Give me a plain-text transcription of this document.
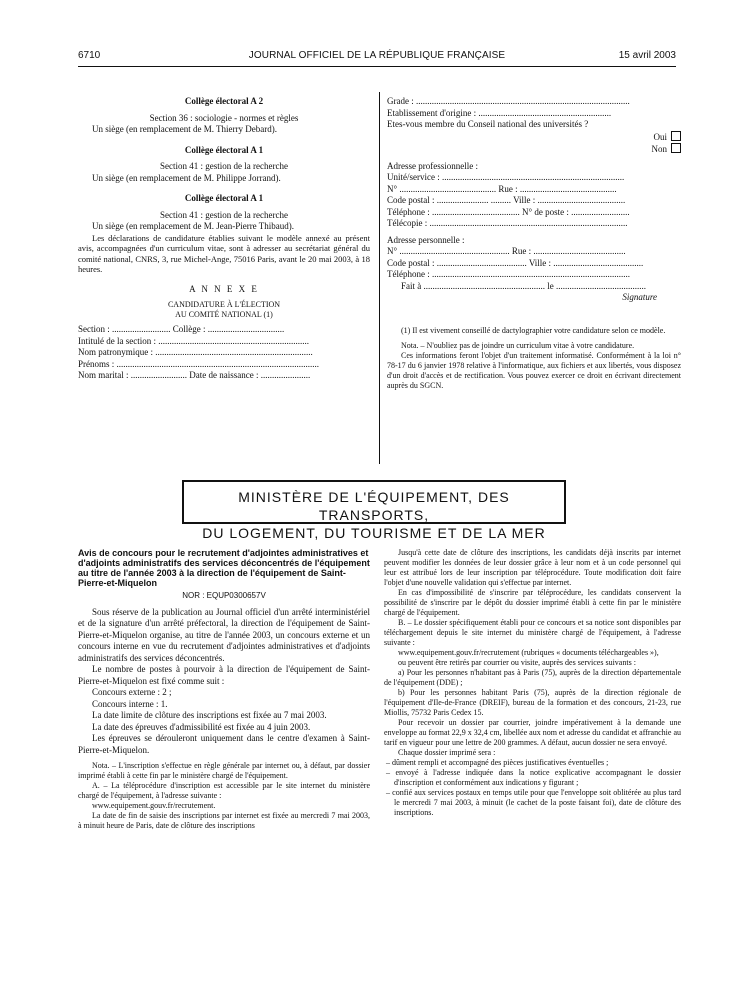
6710	JOURNAL OFFICIEL DE LA RÉPUBLIQUE FRANÇAISE	15 avril 2003
Collège électoral A 2
Section 36 : sociologie - normes et règles
Un siège (en remplacement de M. Thierry Debard).
Collège électoral A 1
Section 41 : gestion de la recherche
Un siège (en remplacement de M. Philippe Jorrand).
Collège électoral A 1
Section 41 : gestion de la recherche
Un siège (en remplacement de M. Jean-Pierre Thibaud).
Les déclarations de candidature établies suivant le modèle annexé au présent avis, accompagnées d'un curriculum vitae, sont à adresser au secrétariat général du comité national, CNRS, 3, rue Michel-Ange, 75016 Paris, avant le 20 mai 2003, à 18 heures.
A N N E X E
CANDIDATURE À L'ÉLECTION
AU COMITÉ NATIONAL (1)
Section : .......................... Collège : ..................................
Intitulé de la section : ...................................................................
Nom patronymique : ......................................................................
Prénoms : ..........................................................................................
Nom marital : ......................... Date de naissance : ......................
Grade : ...............................................................................................
Etablissement d'origine : ...........................................................
Etes-vous membre du Conseil national des universités ?
Oui
Non
Adresse professionnelle :
Unité/service : .................................................................................
N° ........................................... Rue : ...........................................
Code postal : ....................... ......... Ville : .......................................
Téléphone : ....................................... N° de poste : ..........................
Télécopie : ........................................................................................
Adresse personnelle :
N° ................................................. Rue : .........................................
Code postal : ........................................ Ville : ........................................
Téléphone : ........................................................................................
Fait à ...................................................... le ........................................
Signature
(1) Il est vivement conseillé de dactylographier votre candidature selon ce modèle.
Nota. – N'oubliez pas de joindre un curriculum vitae à votre candidature.
Ces informations feront l'objet d'un traitement informatisé. Conformément à la loi n° 78-17 du 6 janvier 1978 relative à l'informatique, aux fichiers et aux libertés, vous disposez d'un droit d'accès et de rectification. Vous pouvez exercer ce droit en écrivant directement auprès du SGCN.
MINISTÈRE DE L'ÉQUIPEMENT, DES TRANSPORTS,
DU LOGEMENT, DU TOURISME ET DE LA MER
Avis de concours pour le recrutement d'adjointes administratives et d'adjoints administratifs des services déconcentrés de l'équipement au titre de l'année 2003 à la direction de l'équipement de Saint-Pierre-et-Miquelon
NOR : EQUP0300657V
Sous réserve de la publication au Journal officiel d'un arrêté interministériel et de la signature d'un arrêté préfectoral, la direction de l'équipement de Saint-Pierre-et-Miquelon organise, au titre de l'année 2003, un concours externe et un concours interne en vue du recrutement d'adjointes administratives et d'adjoints administratifs des services déconcentrés.
Le nombre de postes à pourvoir à la direction de l'équipement de Saint-Pierre-et-Miquelon est fixé comme suit :
Concours externe : 2 ;
Concours interne : 1.
La date limite de clôture des inscriptions est fixée au 7 mai 2003.
La date des épreuves d'admissibilité est fixée au 4 juin 2003.
Les épreuves se dérouleront uniquement dans le centre d'examen à Saint-Pierre-et-Miquelon.
Nota. – L'inscription s'effectue en règle générale par internet ou, à défaut, par dossier imprimé établi à cette fin par le ministère chargé de l'équipement.
A. – La téléprocédure d'inscription est accessible par le site internet du ministère chargé de l'équipement, à l'adresse suivante :
www.equipement.gouv.fr/recrutement.
La date de fin de saisie des inscriptions par internet est fixée au mercredi 7 mai 2003, à minuit heure de Paris, date de clôture des inscriptions
Jusqu'à cette date de clôture des inscriptions, les candidats déjà inscrits par internet peuvent modifier les données de leur dossier grâce à leur nom et à un code personnel qui leur est attribué lors de leur inscription par téléprocédure. Toute modification doit faire l'objet d'une nouvelle validation qui s'effectue par internet.
En cas d'impossibilité de s'inscrire par téléprocédure, les candidats conservent la possibilité de s'inscrire par le dépôt du dossier imprimé établi à cette fin par le ministère chargé de l'équipement.
B. – Le dossier spécifiquement établi pour ce concours et sa notice sont disponibles par téléchargement depuis le site internet du ministère chargé de l'équipement, à l'adresse suivante :
www.equipement.gouv.fr/recrutement (rubriques « documents téléchargeables »),
ou peuvent être retirés par courrier ou visite, auprès des services suivants :
a) Pour les personnes n'habitant pas à Paris (75), auprès de la direction départementale de l'équipement (DDE) ;
b) Pour les personnes habitant Paris (75), auprès de la direction régionale de l'équipement d'Ile-de-France (DREIF), bureau de la formation et des concours, 21-23, rue Miollis, 75732 Paris Cedex 15.
Pour recevoir un dossier par courrier, joindre impérativement à la demande une enveloppe au format 22,9 x 32,4 cm, libellée aux nom et adresse du candidat et affranchie au tarif en vigueur pour une lettre de 200 grammes. A défaut, aucun dossier ne sera envoyé.
Chaque dossier imprimé sera :
– dûment rempli et accompagné des pièces justificatives éventuelles ;
– envoyé à l'adresse indiquée dans la notice explicative accompagnant le dossier d'inscription et conformément aux indications y figurant ;
– confié aux services postaux en temps utile pour que l'enveloppe soit oblitérée au plus tard le mercredi 7 mai 2003, à minuit (le cachet de la poste faisant foi), date de clôture des inscriptions.
